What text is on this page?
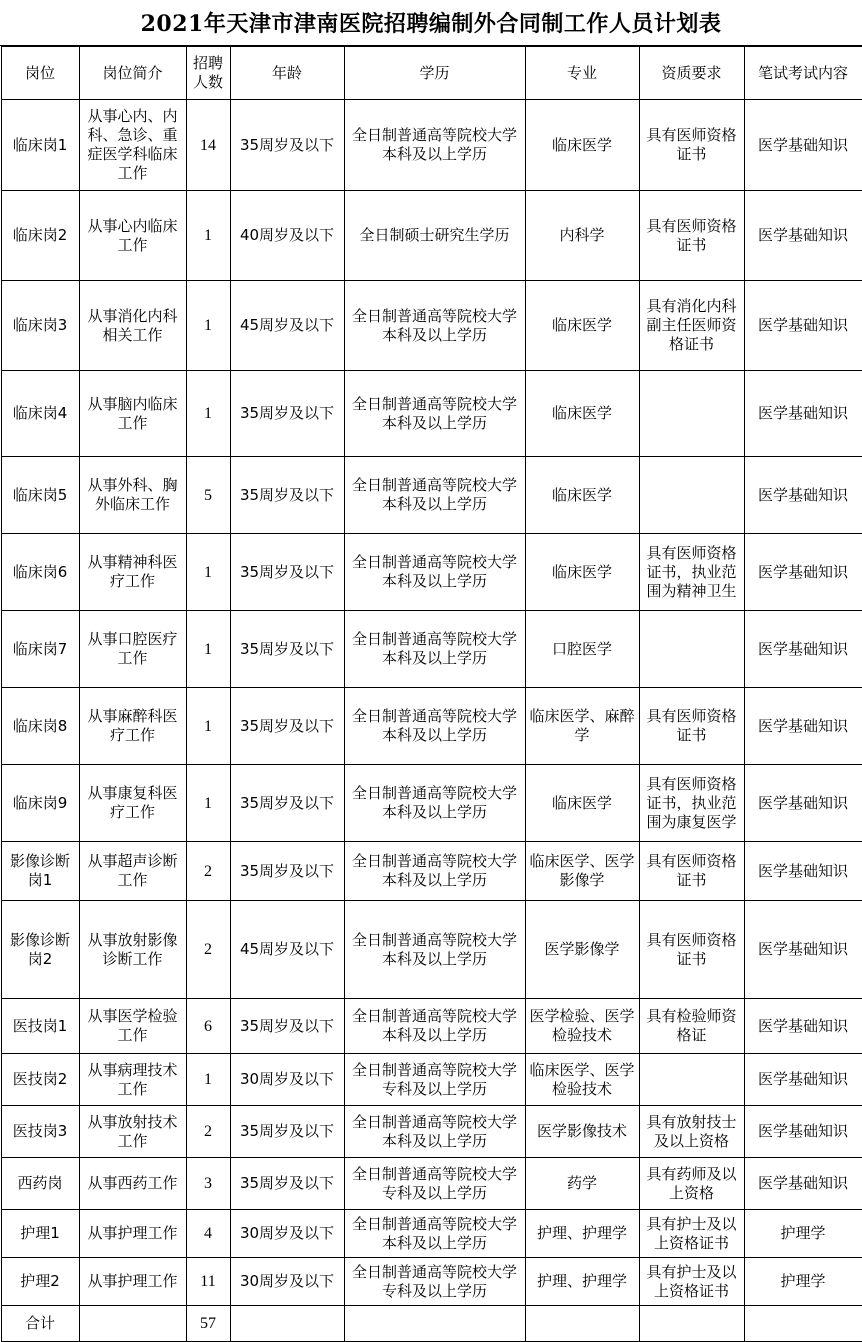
2021年天津市津南医院招聘编制外合同制工作人员计划表
岗位	岗位简介	招聘人数	年龄	学历	专业	资质要求	笔试考试内容
临床岗1	从事心内、内科、急诊、重症医学科临床工作	14	35周岁及以下	全日制普通高等院校大学本科及以上学历	临床医学	具有医师资格证书	医学基础知识
临床岗2	从事心内临床工作	1	40周岁及以下	全日制硕士研究生学历	内科学	具有医师资格证书	医学基础知识
临床岗3	从事消化内科相关工作	1	45周岁及以下	全日制普通高等院校大学本科及以上学历	临床医学	具有消化内科副主任医师资格证书	医学基础知识
临床岗4	从事脑内临床工作	1	35周岁及以下	全日制普通高等院校大学本科及以上学历	临床医学		医学基础知识
临床岗5	从事外科、胸外临床工作	5	35周岁及以下	全日制普通高等院校大学本科及以上学历	临床医学		医学基础知识
临床岗6	从事精神科医疗工作	1	35周岁及以下	全日制普通高等院校大学本科及以上学历	临床医学	具有医师资格证书，执业范围为精神卫生	医学基础知识
临床岗7	从事口腔医疗工作	1	35周岁及以下	全日制普通高等院校大学本科及以上学历	口腔医学		医学基础知识
临床岗8	从事麻醉科医疗工作	1	35周岁及以下	全日制普通高等院校大学本科及以上学历	临床医学、麻醉学	具有医师资格证书	医学基础知识
临床岗9	从事康复科医疗工作	1	35周岁及以下	全日制普通高等院校大学本科及以上学历	临床医学	具有医师资格证书，执业范围为康复医学	医学基础知识
影像诊断岗1	从事超声诊断工作	2	35周岁及以下	全日制普通高等院校大学本科及以上学历	临床医学、医学影像学	具有医师资格证书	医学基础知识
影像诊断岗2	从事放射影像诊断工作	2	45周岁及以下	全日制普通高等院校大学本科及以上学历	医学影像学	具有医师资格证书	医学基础知识
医技岗1	从事医学检验工作	6	35周岁及以下	全日制普通高等院校大学本科及以上学历	医学检验、医学检验技术	具有检验师资格证	医学基础知识
医技岗2	从事病理技术工作	1	30周岁及以下	全日制普通高等院校大学专科及以上学历	临床医学、医学检验技术		医学基础知识
医技岗3	从事放射技术工作	2	35周岁及以下	全日制普通高等院校大学本科及以上学历	医学影像技术	具有放射技士及以上资格	医学基础知识
西药岗	从事西药工作	3	35周岁及以下	全日制普通高等院校大学专科及以上学历	药学	具有药师及以上资格	医学基础知识
护理1	从事护理工作	4	30周岁及以下	全日制普通高等院校大学本科及以上学历	护理、护理学	具有护士及以上资格证书	护理学
护理2	从事护理工作	11	30周岁及以下	全日制普通高等院校大学专科及以上学历	护理、护理学	具有护士及以上资格证书	护理学
合计		57					
